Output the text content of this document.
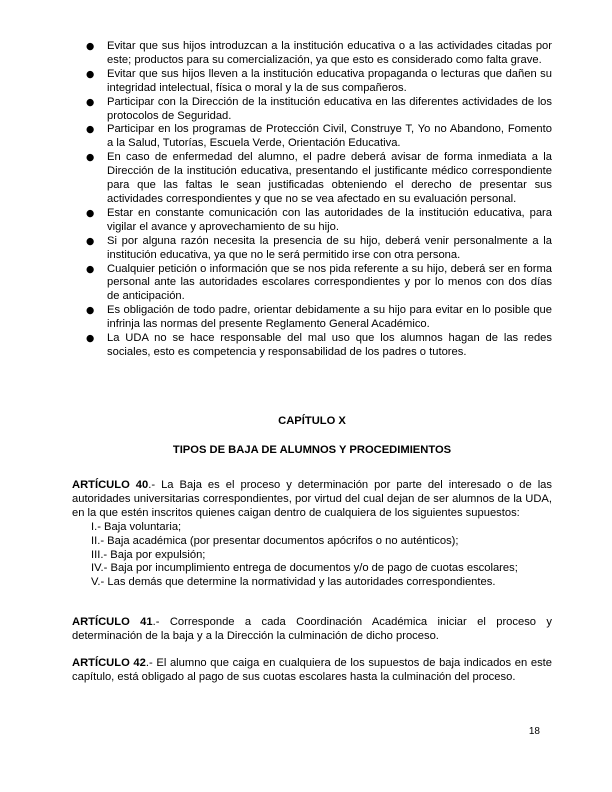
● Evitar que sus hijos introduzcan a la institución educativa o a las actividades citadas por este; productos para su comercialización, ya que esto es considerado como falta grave.
● Evitar que sus hijos lleven a la institución educativa propaganda o lecturas que dañen su integridad intelectual, física o moral y la de sus compañeros.
● Participar con la Dirección de la institución educativa en las diferentes actividades de los protocolos de Seguridad.
● Participar en los programas de Protección Civil, Construye T, Yo no Abandono, Fomento a la Salud, Tutorías, Escuela Verde, Orientación Educativa.
● En caso de enfermedad del alumno, el padre deberá avisar de forma inmediata a la Dirección de la institución educativa, presentando el justificante médico correspondiente para que las faltas le sean justificadas obteniendo el derecho de presentar sus actividades correspondientes y que no se vea afectado en su evaluación personal.
● Estar en constante comunicación con las autoridades de la institución educativa, para vigilar el avance y aprovechamiento de su hijo.
● Si por alguna razón necesita la presencia de su hijo, deberá venir personalmente a la institución educativa, ya que no le será permitido irse con otra persona.
● Cualquier petición o información que se nos pida referente a su hijo, deberá ser en forma personal ante las autoridades escolares correspondientes y por lo menos con dos días de anticipación.
● Es obligación de todo padre, orientar debidamente a su hijo para evitar en lo posible que infrinja las normas del presente Reglamento General Académico.
● La UDA no se hace responsable del mal uso que los alumnos hagan de las redes sociales, esto es competencia y responsabilidad de los padres o tutores.
CAPÍTULO X
TIPOS DE BAJA DE ALUMNOS Y PROCEDIMIENTOS

ARTÍCULO 40.- La Baja es el proceso y determinación por parte del interesado o de las autoridades universitarias correspondientes, por virtud del cual dejan de ser alumnos de la UDA, en la que estén inscritos quienes caigan dentro de cualquiera de los siguientes supuestos:

I.- Baja voluntaria;
II.- Baja académica (por presentar documentos apócrifos o no auténticos);
III.- Baja por expulsión;
IV.- Baja por incumplimiento entrega de documentos y/o de pago de cuotas escolares;
V.- Las demás que determine la normatividad y las autoridades correspondientes.

ARTÍCULO 41.- Corresponde a cada Coordinación Académica iniciar el proceso y determinación de la baja y a la Dirección la culminación de dicho proceso.

ARTÍCULO 42.- El alumno que caiga en cualquiera de los supuestos de baja indicados en este capítulo, está obligado al pago de sus cuotas escolares hasta la culminación del proceso.

18
